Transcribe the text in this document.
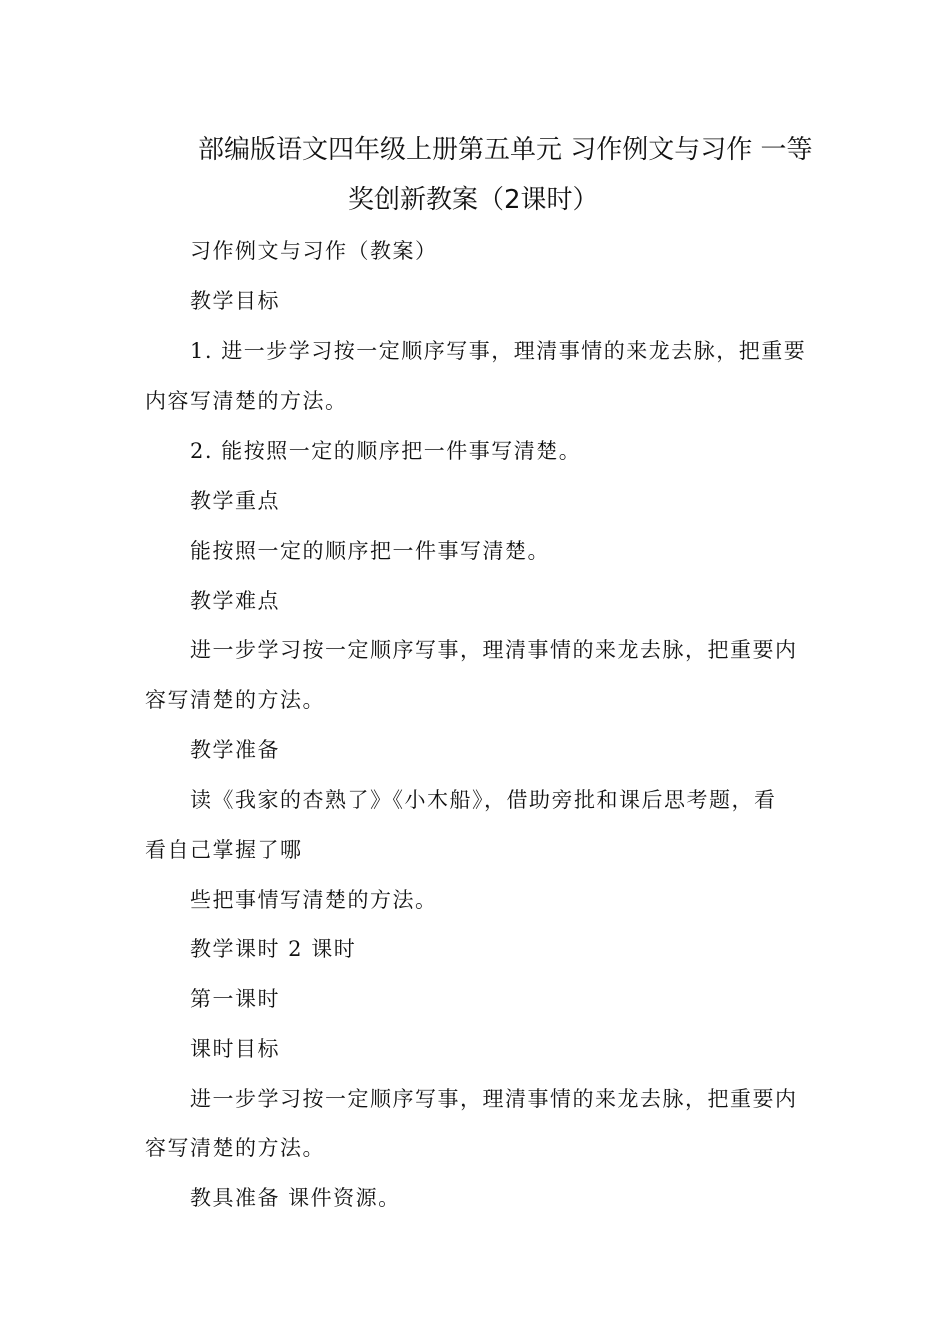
部编版语文四年级上册第五单元 习作例文与习作 一等
奖创新教案（2课时）
习作例文与习作（教案）
教学目标
1. 进一步学习按一定顺序写事，理清事情的来龙去脉，把重要
内容写清楚的方法。
2. 能按照一定的顺序把一件事写清楚。
教学重点
能按照一定的顺序把一件事写清楚。
教学难点
进一步学习按一定顺序写事，理清事情的来龙去脉，把重要内
容写清楚的方法。
教学准备
读《我家的杏熟了》《小木船》，借助旁批和课后思考题，看
看自己掌握了哪
些把事情写清楚的方法。
教学课时 2 课时
第一课时
课时目标
进一步学习按一定顺序写事，理清事情的来龙去脉，把重要内
容写清楚的方法。
教具准备 课件资源。
